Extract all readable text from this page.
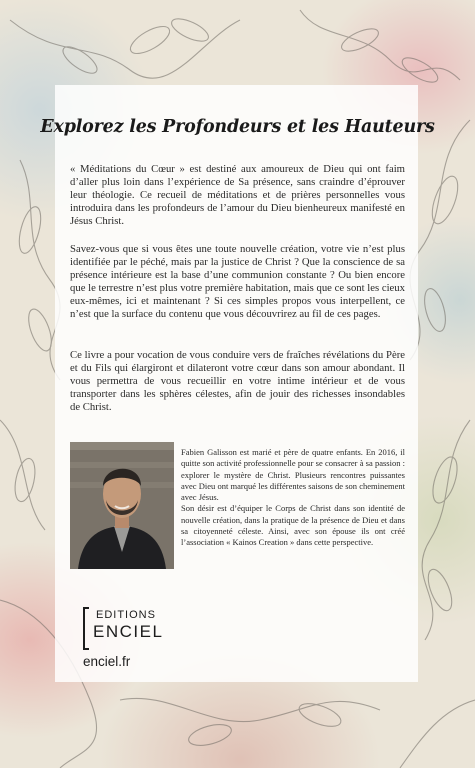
Explorez les Profondeurs et les Hauteurs

« Méditations du Cœur » est destiné aux amoureux de Dieu qui ont faim d’aller plus loin dans l’expérience de Sa présence, sans craindre d’éprouver leur théologie. Ce recueil de méditations et de prières personnelles vous introduira dans les profondeurs de l’amour du Dieu bienheureux manifesté en Jésus Christ.

Savez-vous que si vous êtes une toute nouvelle création, votre vie n’est plus identifiée par le péché, mais par la justice de Christ ? Que la conscience de sa présence intérieure est la base d’une communion constante ? Ou bien encore que le terrestre n’est plus votre première habitation, mais que ce sont les cieux eux-mêmes, ici et maintenant ? Si ces simples propos vous interpellent, ce n’est que la surface du contenu que vous découvrirez au fil de ces pages.

Ce livre a pour vocation de vous conduire vers de fraîches révélations du Père et du Fils qui élargiront et dilateront votre cœur dans son amour abondant. Il vous permettra de vous recueillir en votre intime intérieur et de vous transporter dans les sphères célestes, afin de jouir des richesses insondables de Christ.

Fabien Galisson est marié et père de quatre enfants. En 2016, il quitte son activité professionnelle pour se consacrer à sa passion : explorer le mystère de Christ. Plusieurs rencontres puissantes avec Dieu ont marqué les différentes saisons de son cheminement avec Jésus.

Son désir est d’équiper le Corps de Christ dans son identité de nouvelle création, dans la pratique de la présence de Dieu et dans sa citoyenneté céleste. Ainsi, avec son épouse ils ont créé l’association « Kainos Creation » dans cette perspective.

EDITIONS
ENCIEL
enciel.fr
